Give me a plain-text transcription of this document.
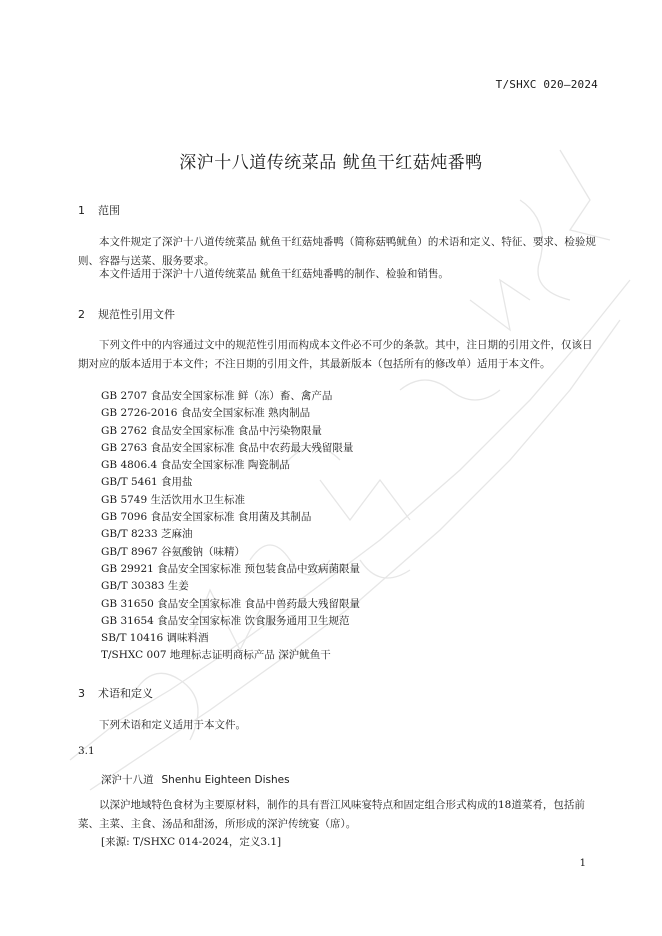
T/SHXC 020—2024
深沪十八道传统菜品 鱿鱼干红菇炖番鸭
1 范围
本文件规定了深沪十八道传统菜品 鱿鱼干红菇炖番鸭（简称菇鸭鱿鱼）的术语和定义、特征、要求、检验规则、容器与送菜、服务要求。
本文件适用于深沪十八道传统菜品 鱿鱼干红菇炖番鸭的制作、检验和销售。
2 规范性引用文件
下列文件中的内容通过文中的规范性引用而构成本文件必不可少的条款。其中，注日期的引用文件，仅该日期对应的版本适用于本文件；不注日期的引用文件，其最新版本（包括所有的修改单）适用于本文件。
GB 2707 食品安全国家标准 鲜（冻）畜、禽产品
GB 2726-2016 食品安全国家标准 熟肉制品
GB 2762 食品安全国家标准 食品中污染物限量
GB 2763 食品安全国家标准 食品中农药最大残留限量
GB 4806.4 食品安全国家标准 陶瓷制品
GB/T 5461 食用盐
GB 5749 生活饮用水卫生标准
GB 7096 食品安全国家标准 食用菌及其制品
GB/T 8233 芝麻油
GB/T 8967 谷氨酸钠（味精）
GB 29921 食品安全国家标准 预包装食品中致病菌限量
GB/T 30383 生姜
GB 31650 食品安全国家标准 食品中兽药最大残留限量
GB 31654 食品安全国家标准 饮食服务通用卫生规范
SB/T 10416 调味料酒
T/SHXC 007 地理标志证明商标产品 深沪鱿鱼干
3 术语和定义
下列术语和定义适用于本文件。
3.1
深沪十八道 Shenhu Eighteen Dishes
以深沪地域特色食材为主要原材料，制作的具有晋江风味宴特点和固定组合形式构成的18道菜肴，包括前菜、主菜、主食、汤品和甜汤，所形成的深沪传统宴（席）。
[来源: T/SHXC 014-2024，定义3.1]
1
